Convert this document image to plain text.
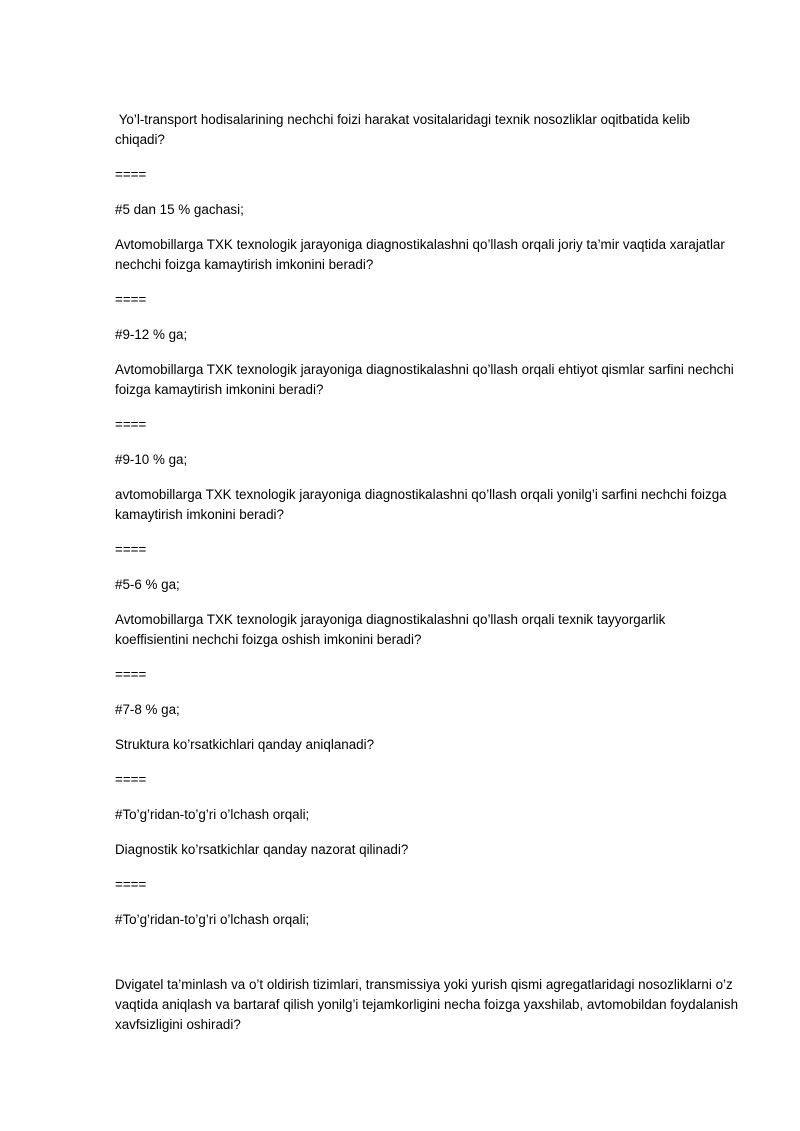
Yo’l-transport hodisalarining nechchi foizi harakat vositalaridagi texnik nosozliklar oqitbatida kelib chiqadi?

====

#5 dan 15 % gachasi;

Avtomobillarga TXK texnologik jarayoniga diagnostikalashni qo’llash orqali joriy ta’mir vaqtida xarajatlar nechchi foizga kamaytirish imkonini beradi?

====

#9-12 % ga;

Avtomobillarga TXK texnologik jarayoniga diagnostikalashni qo’llash orqali ehtiyot qismlar sarfini nechchi foizga kamaytirish imkonini beradi?

====

#9-10 % ga;

avtomobillarga TXK texnologik jarayoniga diagnostikalashni qo’llash orqali yonilg’i sarfini nechchi foizga kamaytirish imkonini beradi?

====

#5-6 % ga;

Avtomobillarga TXK texnologik jarayoniga diagnostikalashni qo’llash orqali texnik tayyorgarlik koeffisientini nechchi foizga oshish imkonini beradi?

====

#7-8 % ga;

Struktura ko’rsatkichlari qanday aniqlanadi?

====

#To’g’ridan-to’g’ri o’lchash orqali;

Diagnostik ko’rsatkichlar qanday nazorat qilinadi?

====

#To’g’ridan-to’g’ri o’lchash orqali;

Dvigatel ta’minlash va o’t oldirish tizimlari, transmissiya yoki yurish qismi agregatlaridagi nosozliklarni o’z vaqtida aniqlash va bartaraf qilish yonilg’i tejamkorligini necha foizga yaxshilab, avtomobildan foydalanish xavfsizligini oshiradi?
